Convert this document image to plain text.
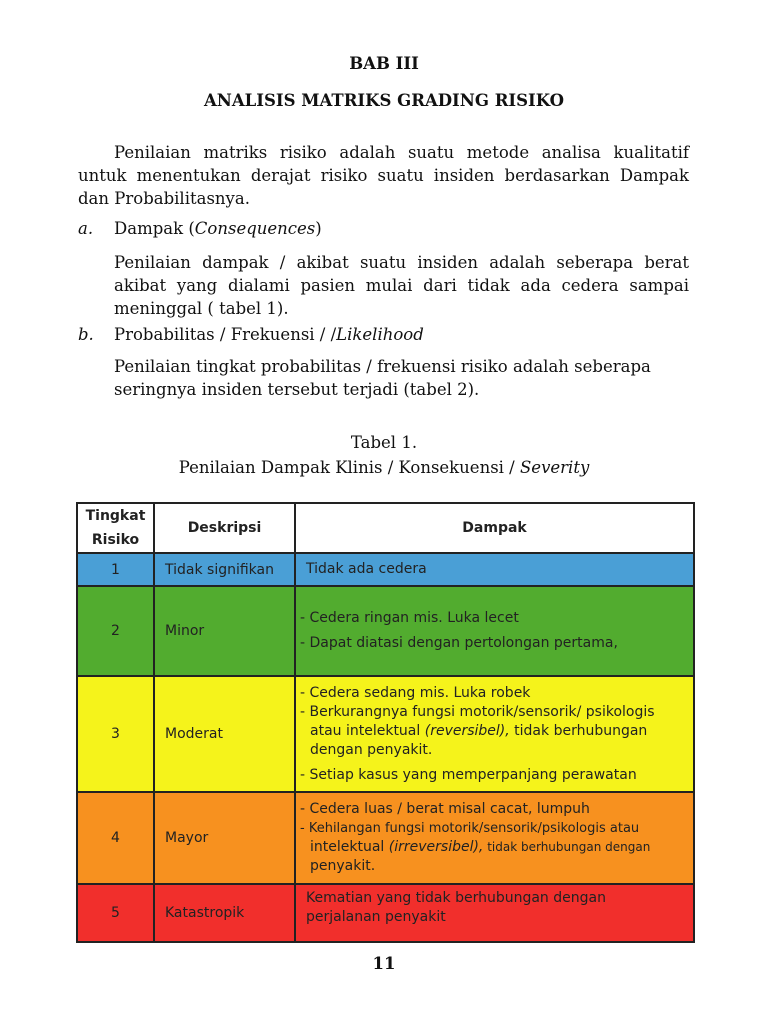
BAB III
ANALISIS MATRIKS GRADING RISIKO
Penilaian matriks risiko adalah suatu metode analisa kualitatif untuk menentukan derajat risiko suatu insiden berdasarkan Dampak dan Probabilitasnya.
a. Dampak (Consequences)
Penilaian dampak / akibat suatu insiden adalah seberapa berat akibat yang dialami pasien mulai dari tidak ada cedera sampai meninggal ( tabel 1).
b. Probabilitas / Frekuensi / /Likelihood
Penilaian tingkat probabilitas / frekuensi risiko adalah seberapa seringnya insiden tersebut terjadi (tabel 2).
Tabel 1.
Penilaian Dampak Klinis / Konsekuensi / Severity
Tingkat
Risiko	Deskripsi	Dampak
1	Tidak signifikan	Tidak ada cedera

2	Minor	- Cedera ringan mis. Luka lecet

- Dapat diatasi dengan pertolongan pertama,

3	Moderat	- Cedera sedang mis. Luka robek

- Berkurangnya fungsi motorik/sensorik/ psikologis

atau intelektual (reversibel), tidak berhubungan

dengan penyakit.

- Setiap kasus yang memperpanjang perawatan

4	Mayor	- Cedera luas / berat misal cacat, lumpuh

- Kehilangan fungsi motorik/sensorik/psikologis atau

intelektual (irreversibel), tidak berhubungan dengan

penyakit.

5	Katastropik	Kematian yang tidak berhubungan dengan

perjalanan penyakit

11
